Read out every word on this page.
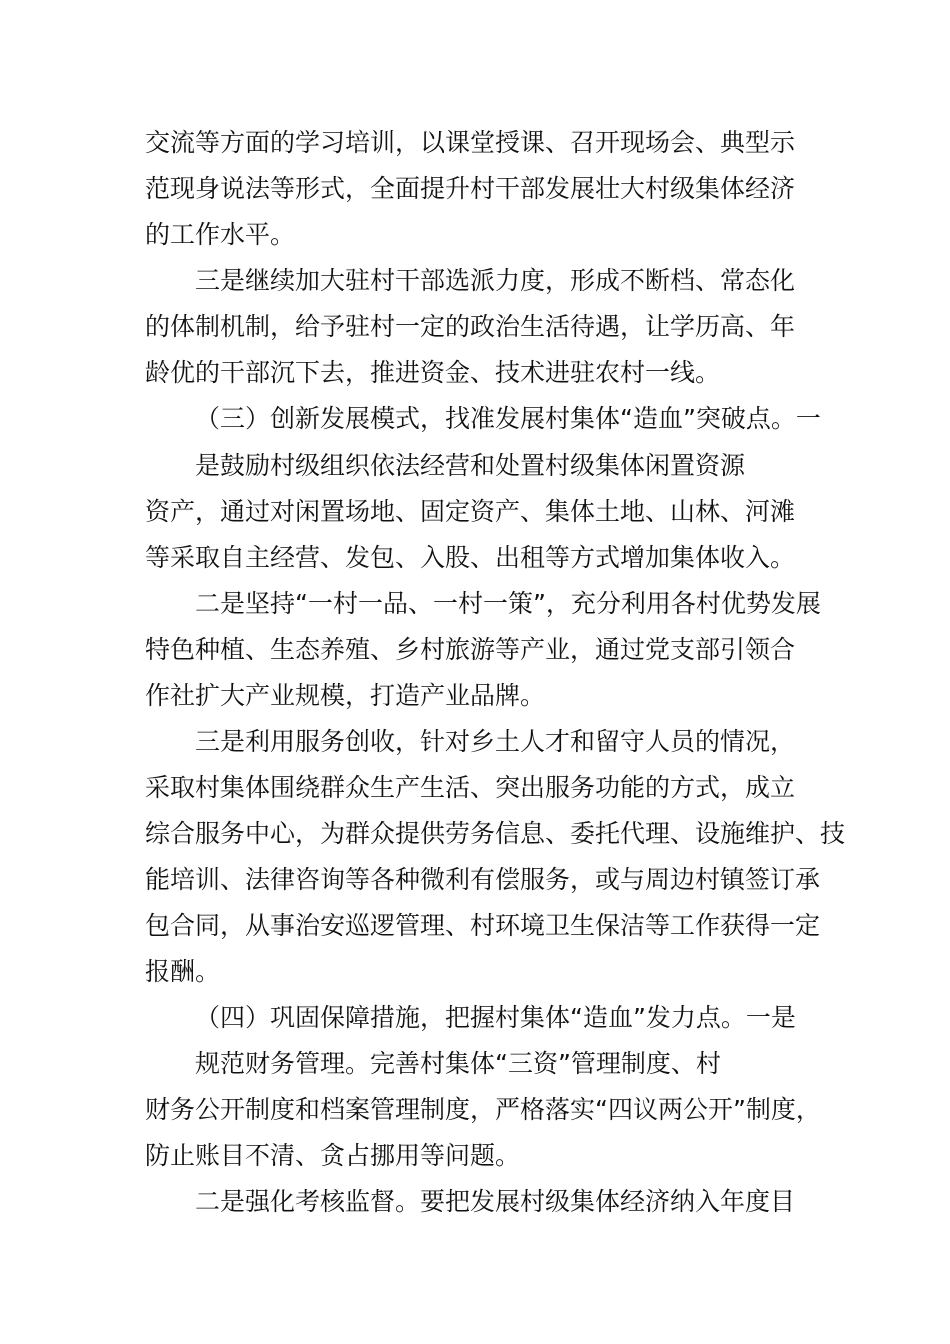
交流等方面的学习培训，以课堂授课、召开现场会、典型示

范现身说法等形式，全面提升村干部发展壮大村级集体经济

的工作水平。

三是继续加大驻村干部选派力度，形成不断档、常态化

的体制机制，给予驻村一定的政治生活待遇，让学历高、年

龄优的干部沉下去，推进资金、技术进驻农村一线。

（三）创新发展模式，找准发展村集体“造血”突破点。一

是鼓励村级组织依法经营和处置村级集体闲置资源

资产，通过对闲置场地、固定资产、集体土地、山林、河滩

等采取自主经营、发包、入股、出租等方式增加集体收入。

二是坚持“一村一品、一村一策”，充分利用各村优势发展

特色种植、生态养殖、乡村旅游等产业，通过党支部引领合

作社扩大产业规模，打造产业品牌。

三是利用服务创收，针对乡土人才和留守人员的情况，

采取村集体围绕群众生产生活、突出服务功能的方式，成立

综合服务中心，为群众提供劳务信息、委托代理、设施维护、技

能培训、法律咨询等各种微利有偿服务，或与周边村镇签订承

包合同，从事治安巡逻管理、村环境卫生保洁等工作获得一定

报酬。

（四）巩固保障措施，把握村集体“造血”发力点。一是

规范财务管理。完善村集体“三资”管理制度、村

财务公开制度和档案管理制度，严格落实“四议两公开”制度，

防止账目不清、贪占挪用等问题。

二是强化考核监督。要把发展村级集体经济纳入年度目
